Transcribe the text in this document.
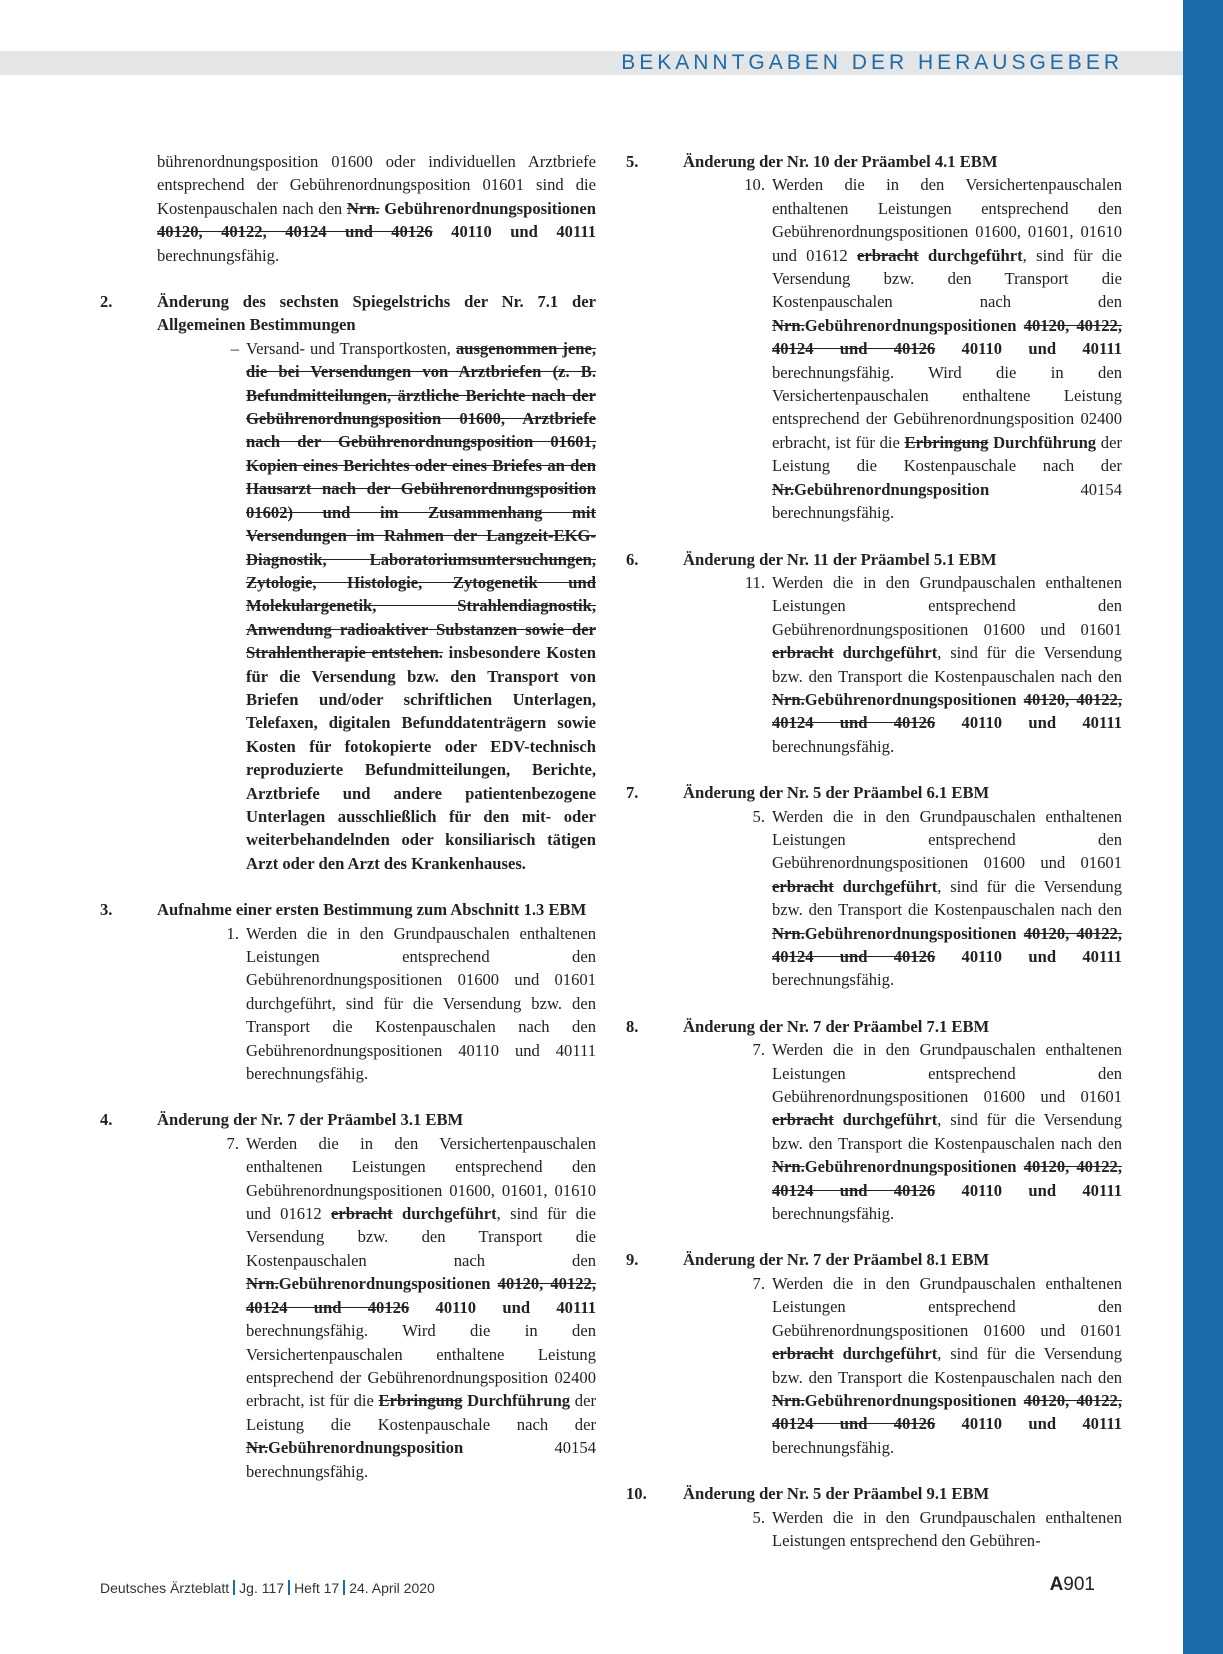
BEKANNTGABEN DER HERAUSGEBER

bührenordnungsposition 01600 oder individuellen Arztbriefe entsprechend der Gebührenordnungsposition 01601 sind die Kostenpauschalen nach den Nrn. Gebührenordnungspositionen 40120, 40122, 40124 und 40126 40110 und 40111 berechnungsfähig.

2.	Änderung des sechsten Spiegelstrichs der Nr. 7.1 der Allgemeinen Bestimmungen
– Versand- und Transportkosten, ausgenommen jene, die bei Versendungen von Arztbriefen (z. B. Befundmitteilungen, ärztliche Berichte nach der Gebührenordnungsposition 01600, Arztbriefe nach der Gebührenordnungsposition 01601, Kopien eines Berichtes oder eines Briefes an den Hausarzt nach der Gebührenordnungsposition 01602) und im Zusammenhang mit Versendungen im Rahmen der Langzeit-EKG-Diagnostik, Laboratoriumsuntersuchungen, Zytologie, Histologie, Zytogenetik und Molekulargenetik, Strahlendiagnostik, Anwendung radioaktiver Substanzen sowie der Strahlentherapie entstehen. insbesondere Kosten für die Versendung bzw. den Transport von Briefen und/oder schriftlichen Unterlagen, Telefaxen, digitalen Befunddatenträgern sowie Kosten für fotokopierte oder EDV-technisch reproduzierte Befundmitteilungen, Berichte, Arztbriefe und andere patientenbezogene Unterlagen ausschließlich für den mit- oder weiterbehandelnden oder konsiliarisch tätigen Arzt oder den Arzt des Krankenhauses.

3.	Aufnahme einer ersten Bestimmung zum Abschnitt 1.3 EBM
1. Werden die in den Grundpauschalen enthaltenen Leistungen entsprechend den Gebührenordnungspositionen 01600 und 01601 durchgeführt, sind für die Versendung bzw. den Transport die Kostenpauschalen nach den Gebührenordnungspositionen 40110 und 40111 berechnungsfähig.

4.	Änderung der Nr. 7 der Präambel 3.1 EBM
7. Werden die in den Versichertenpauschalen enthaltenen Leistungen entsprechend den Gebührenordnungspositionen 01600, 01601, 01610 und 01612 erbracht durchgeführt, sind für die Versendung bzw. den Transport die Kostenpauschalen nach den Nrn.Gebührenordnungspositionen 40120, 40122, 40124 und 40126 40110 und 40111 berechnungsfähig. Wird die in den Versichertenpauschalen enthaltene Leistung entsprechend der Gebührenordnungsposition 02400 erbracht, ist für die Erbringung Durchführung der Leistung die Kostenpauschale nach der Nr.Gebührenordnungsposition 40154 berechnungsfähig.

5.	Änderung der Nr. 10 der Präambel 4.1 EBM
10. Werden die in den Versichertenpauschalen enthaltenen Leistungen entsprechend den Gebührenordnungspositionen 01600, 01601, 01610 und 01612 erbracht durchgeführt, sind für die Versendung bzw. den Transport die Kostenpauschalen nach den Nrn.Gebührenordnungspositionen 40120, 40122, 40124 und 40126 40110 und 40111 berechnungsfähig. Wird die in den Versichertenpauschalen enthaltene Leistung entsprechend der Gebührenordnungsposition 02400 erbracht, ist für die Erbringung Durchführung der Leistung die Kostenpauschale nach der Nr.Gebührenordnungsposition 40154 berechnungsfähig.

6.	Änderung der Nr. 11 der Präambel 5.1 EBM
11. Werden die in den Grundpauschalen enthaltenen Leistungen entsprechend den Gebührenordnungspositionen 01600 und 01601 erbracht durchgeführt, sind für die Versendung bzw. den Transport die Kostenpauschalen nach den Nrn.Gebührenordnungspositionen 40120, 40122, 40124 und 40126 40110 und 40111 berechnungsfähig.

7.	Änderung der Nr. 5 der Präambel 6.1 EBM
5. Werden die in den Grundpauschalen enthaltenen Leistungen entsprechend den Gebührenordnungspositionen 01600 und 01601 erbracht durchgeführt, sind für die Versendung bzw. den Transport die Kostenpauschalen nach den Nrn.Gebührenordnungspositionen 40120, 40122, 40124 und 40126 40110 und 40111 berechnungsfähig.

8.	Änderung der Nr. 7 der Präambel 7.1 EBM
7. Werden die in den Grundpauschalen enthaltenen Leistungen entsprechend den Gebührenordnungspositionen 01600 und 01601 erbracht durchgeführt, sind für die Versendung bzw. den Transport die Kostenpauschalen nach den Nrn.Gebührenordnungspositionen 40120, 40122, 40124 und 40126 40110 und 40111 berechnungsfähig.

9.	Änderung der Nr. 7 der Präambel 8.1 EBM
7. Werden die in den Grundpauschalen enthaltenen Leistungen entsprechend den Gebührenordnungspositionen 01600 und 01601 erbracht durchgeführt, sind für die Versendung bzw. den Transport die Kostenpauschalen nach den Nrn.Gebührenordnungspositionen 40120, 40122, 40124 und 40126 40110 und 40111 berechnungsfähig.

10.	Änderung der Nr. 5 der Präambel 9.1 EBM
5. Werden die in den Grundpauschalen enthaltenen Leistungen entsprechend den Gebühren-

Deutsches Ärzteblatt Jg. 117 Heft 17 24. April 2020	A901
